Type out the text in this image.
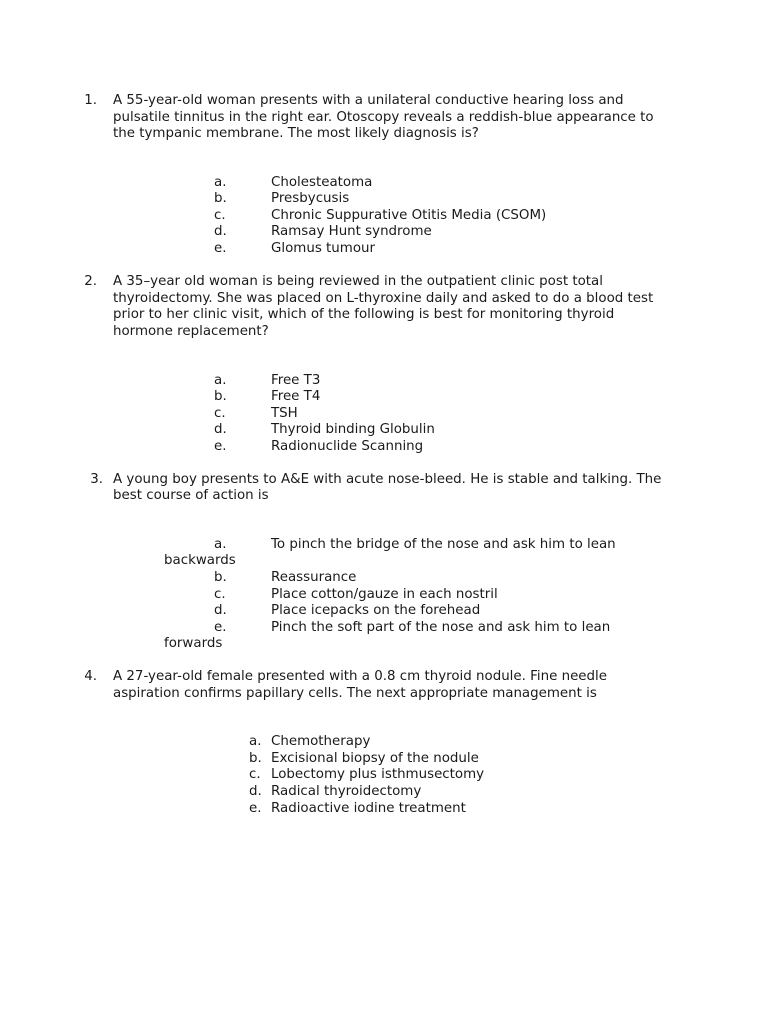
1. A 55-year-old woman presents with a unilateral conductive hearing loss and
pulsatile tinnitus in the right ear. Otoscopy reveals a reddish-blue appearance to
the tympanic membrane. The most likely diagnosis is?
a.	Cholesteatoma
b.	Presbycusis
c.	Chronic Suppurative Otitis Media (CSOM)
d.	Ramsay Hunt syndrome
e.	Glomus tumour
2. A 35–year old woman is being reviewed in the outpatient clinic post total
thyroidectomy. She was placed on L-thyroxine daily and asked to do a blood test
prior to her clinic visit, which of the following is best for monitoring thyroid
hormone replacement?
a.	Free T3
b.	Free T4
c.	TSH
d.	Thyroid binding Globulin
e.	Radionuclide Scanning
3. A young boy presents to A&E with acute nose-bleed. He is stable and talking. The
best course of action is
a.	To pinch the bridge of the nose and ask him to lean
backwards
b.	Reassurance
c.	Place cotton/gauze in each nostril
d.	Place icepacks on the forehead
e.	Pinch the soft part of the nose and ask him to lean
forwards
4. A 27-year-old female presented with a 0.8 cm thyroid nodule. Fine needle
aspiration confirms papillary cells. The next appropriate management is
a. Chemotherapy
b. Excisional biopsy of the nodule
c. Lobectomy plus isthmusectomy
d. Radical thyroidectomy
e. Radioactive iodine treatment
